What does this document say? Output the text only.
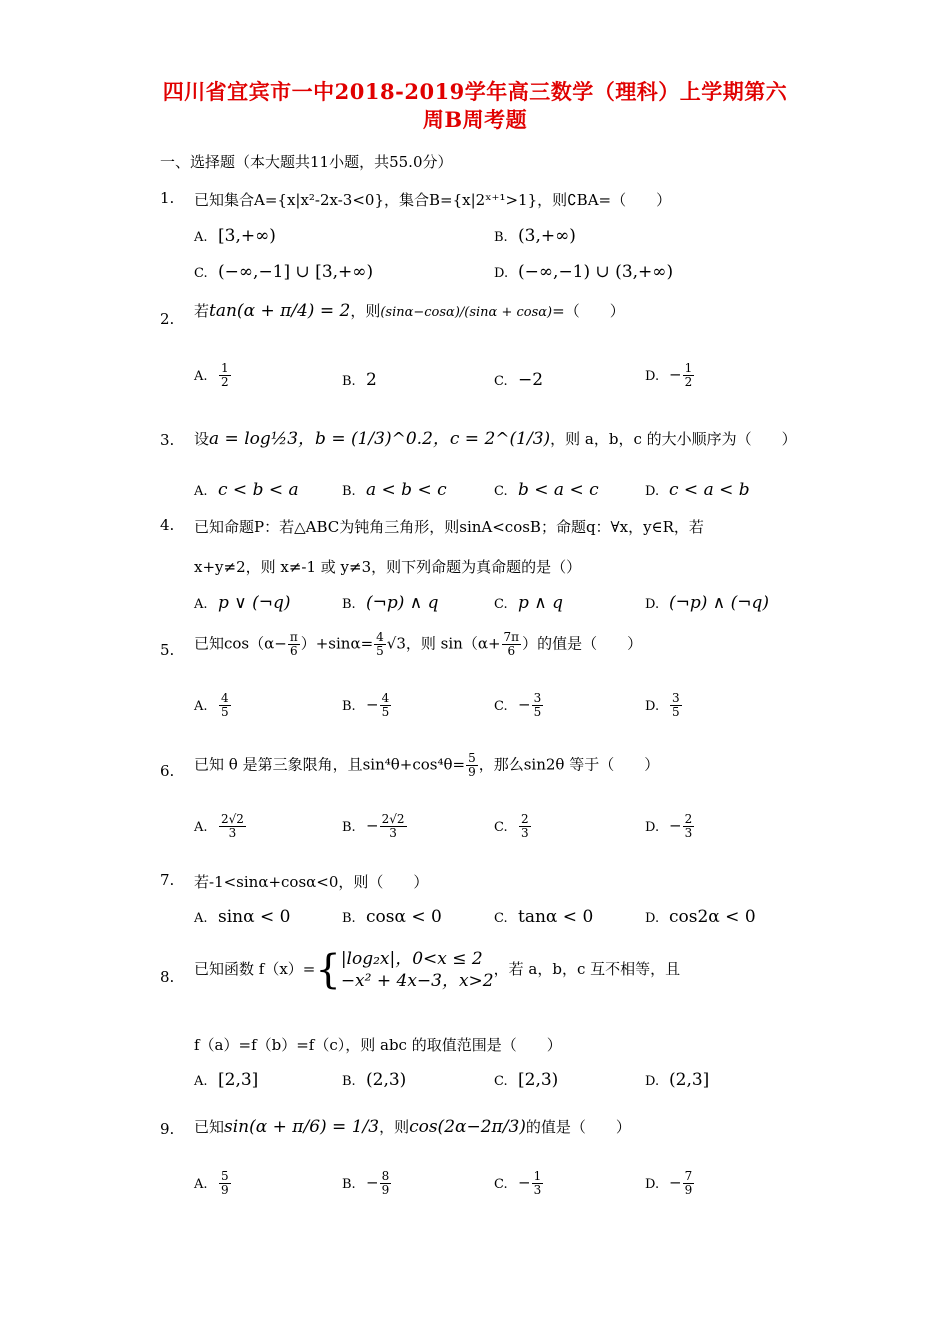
四川省宜宾市一中2018-2019学年高三数学（理科）上学期第六
周B周考题
一、选择题（本大题共11小题，共55.0分）
1. 已知集合A={x|x²-2x-3<0}，集合B={x|2ˣ⁺¹>1}，则∁BA=（　　）
A. [3,+∞)	B. (3,+∞)
C. (−∞,−1] ∪ [3,+∞)	D. (−∞,−1) ∪ (3,+∞)
2. 若tan(α + π/4) = 2，则(sinα−cosα)/(sinα + cosα)=（　　）
A. $\frac{1}{2}$	B. 2	C. −2	D. − $\frac{1}{2}$
3. 设a = log½3，b = (1/3)^0.2，c = 2^(1/3)，则 a，b，c 的大小顺序为（　　）
A. c < b < a	B. a < b < c	C. b < a < c	D. c < a < b
4. 已知命题P：若△ABC为钝角三角形，则sinA<cosB；命题q：∀x，y∈R，若
x+y≠2，则 x≠-1 或 y≠3，则下列命题为真命题的是（）
A. p ∨ (¬q)	B. (¬p) ∧ q	C. p ∧ q	D. (¬p) ∧ (¬q)
5. 已知$\cos(\alpha- \frac{\pi}{6} )+\sin\alpha= \frac{4}{5} √3$，则 $\sin(\alpha+ \frac{7\pi}{6}$ ）的值是（　　）
A. $\frac{4}{5}$	B. − $\frac{4}{5}$	C. − $\frac{3}{5}$	D. $\frac{3}{5}$
6. 已知 θ 是第三象限角，且$\sin^4\theta+\cos^4\theta= \frac{5}{9}$ ，那么sin2θ 等于（　　）
A. $\frac{2√2}{3}$	B. − $\frac{2√2}{3}$	C. $\frac{2}{3}$	D. − $\frac{2}{3}$
7. 若-1<sinα+cosα<0，则（　　）
A. sinα < 0	B. cosα < 0	C. tanα < 0	D. cos2α < 0
8. 已知函数 f（x）={ |log₂x|，0<x ≤ 2
−x² + 4x−3，x>2
，若 a，b，c 互不相等，且
f（a）=f（b）=f（c），则 abc 的取值范围是（　　）
A. [2,3]	B. (2,3)	C. [2,3)	D. (2,3]
9. 已知sin(α + π/6) = 1/3，则cos(2α−2π/3)的值是（　　）
A. $\frac{5}{9}$	B. − $\frac{8}{9}$	C. − $\frac{1}{3}$	D. − $\frac{7}{9}$
